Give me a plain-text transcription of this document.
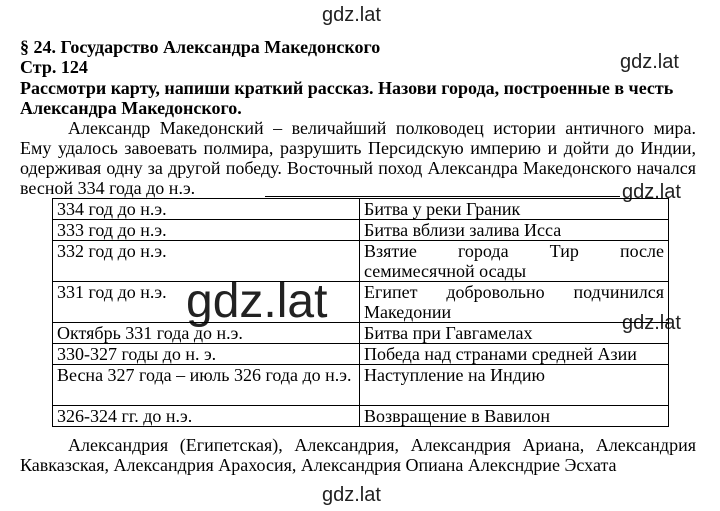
gdz.lat
gdz.lat
gdz.lat
gdz.lat	gdz.lat
gdz.lat
§ 24. Государство Александра Македонского
Стр. 124
Рассмотри карту, напиши краткий рассказ. Назови города, построенные в честь
Александра Македонского.
Александр Македонский – величайший полководец истории античного мира. Ему удалось завоевать полмира, разрушить Персидскую империю и дойти до Индии, одерживая одну за другой победу. Восточный поход Александра Македонского начался весной 334 года до н.э.
334 год до н.э.	Битва у реки Граник
333 год до н.э.	Битва вблизи залива Исса
332 год до н.э.	Взятие города Тир после семимесячной осады
331 год до н.э.	Египет добровольно подчинился Македонии
Октябрь 331 года до н.э.	Битва при Гавгамелах
330-327 годы до н. э.	Победа над странами средней Азии
Весна 327 года – июль 326 года до н.э.	Наступление на Индию
326-324 гг. до н.э.	Возвращение в Вавилон
Александрия (Египетская), Александрия, Александрия Ариана, Александрия Кавказская, Александрия Арахосия, Александрия Опиана Алекcндрие Эсхата
